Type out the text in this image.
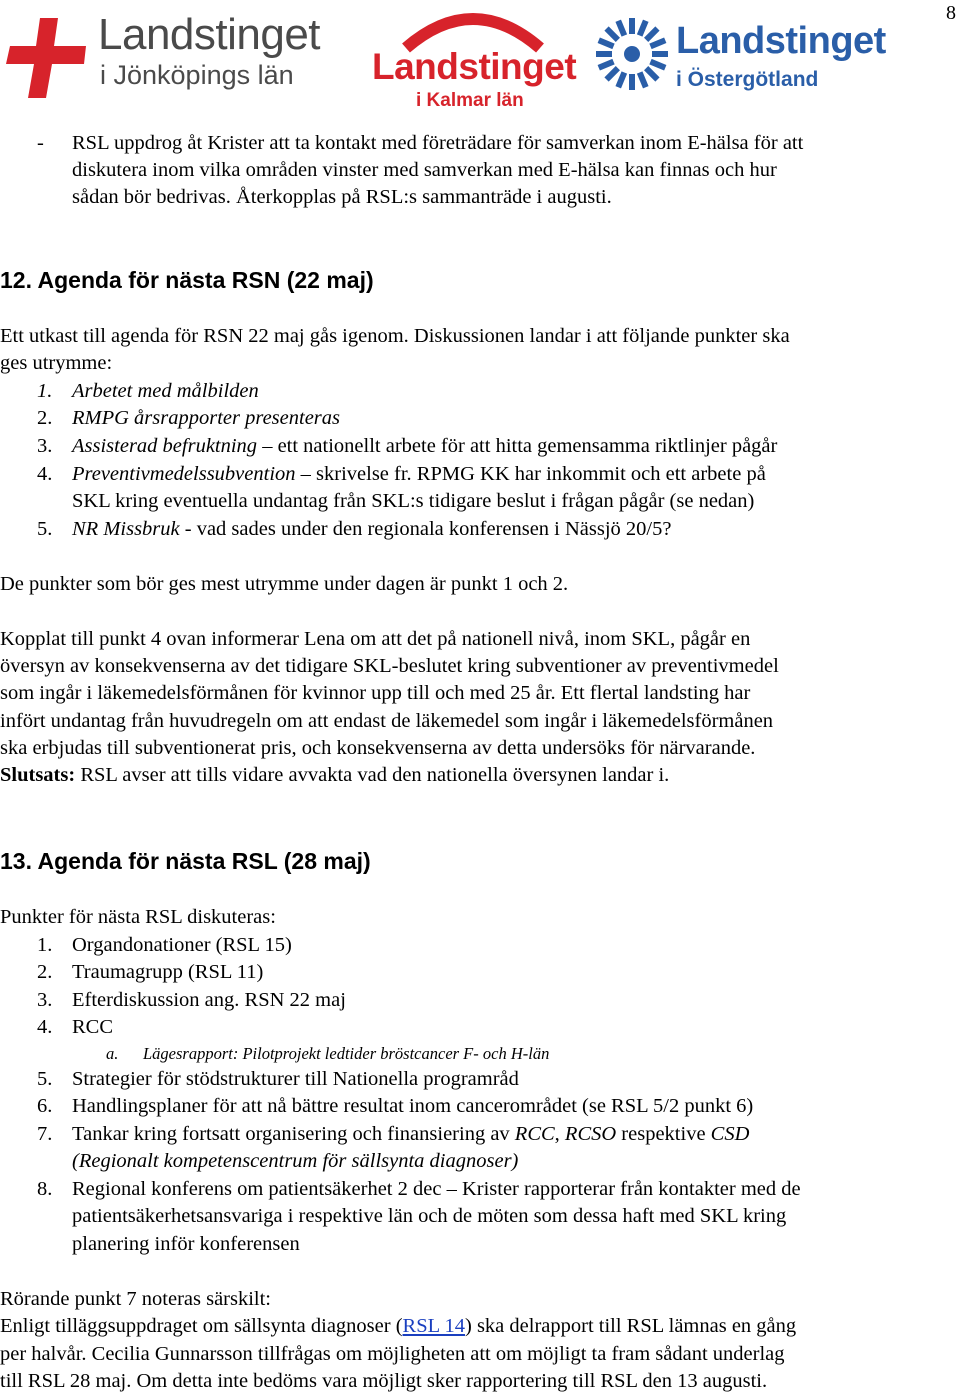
8
Landstinget
i Jönköpings län Landstinget
i Kalmar län
Landstinget
i Östergötland
- RSL uppdrog åt Krister att ta kontakt med företrädare för samverkan inom E-hälsa för att
diskutera inom vilka områden vinster med samverkan med E-hälsa kan finnas och hur
sådan bör bedrivas. Återkopplas på RSL:s sammanträde i augusti.
12. Agenda för nästa RSN (22 maj)
Ett utkast till agenda för RSN 22 maj gås igenom. Diskussionen landar i att följande punkter ska
ges utrymme:
1. Arbetet med målbilden
2. RMPG årsrapporter presenteras
3. Assisterad befruktning – ett nationellt arbete för att hitta gemensamma riktlinjer pågår
4. Preventivmedelssubvention – skrivelse fr. RPMG KK har inkommit och ett arbete på
SKL kring eventuella undantag från SKL:s tidigare beslut i frågan pågår (se nedan)
5. NR Missbruk - vad sades under den regionala konferensen i Nässjö 20/5?
De punkter som bör ges mest utrymme under dagen är punkt 1 och 2.
Kopplat till punkt 4 ovan informerar Lena om att det på nationell nivå, inom SKL, pågår en
översyn av konsekvenserna av det tidigare SKL-beslutet kring subventioner av preventivmedel
som ingår i läkemedelsförmånen för kvinnor upp till och med 25 år. Ett flertal landsting har
infört undantag från huvudregeln om att endast de läkemedel som ingår i läkemedelsförmånen
ska erbjudas till subventionerat pris, och konsekvenserna av detta undersöks för närvarande.
Slutsats: RSL avser att tills vidare avvakta vad den nationella översynen landar i.
13. Agenda för nästa RSL (28 maj)
Punkter för nästa RSL diskuteras:
1. Organdonationer (RSL 15)
2. Traumagrupp (RSL 11)
3. Efterdiskussion ang. RSN 22 maj
4. RCC
a. Lägesrapport: Pilotprojekt ledtider bröstcancer F- och H-län
5. Strategier för stödstrukturer till Nationella programråd
6. Handlingsplaner för att nå bättre resultat inom cancerområdet (se RSL 5/2 punkt 6)
7. Tankar kring fortsatt organisering och finansiering av RCC, RCSO respektive CSD
(Regionalt kompetenscentrum för sällsynta diagnoser)
8. Regional konferens om patientsäkerhet 2 dec – Krister rapporterar från kontakter med de
patientsäkerhetsansvariga i respektive län och de möten som dessa haft med SKL kring
planering inför konferensen
Rörande punkt 7 noteras särskilt:
Enligt tilläggsuppdraget om sällsynta diagnoser (RSL 14) ska delrapport till RSL lämnas en gång
per halvår. Cecilia Gunnarsson tillfrågas om möjligheten att om möjligt ta fram sådant underlag
till RSL 28 maj. Om detta inte bedöms vara möjligt sker rapportering till RSL den 13 augusti.
